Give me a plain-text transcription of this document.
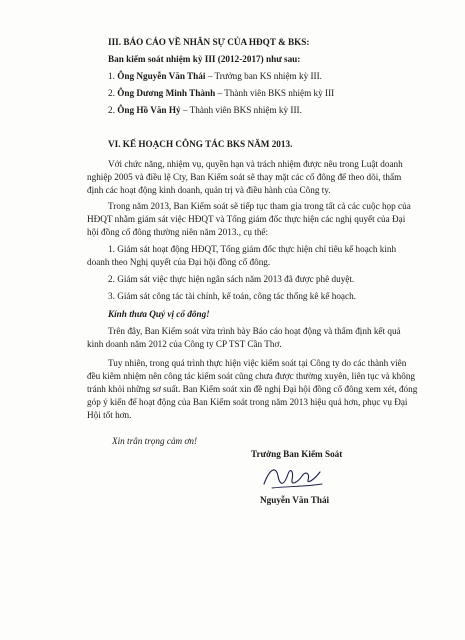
III. BÁO CÁO VỀ NHÂN SỰ CỦA HĐQT & BKS:
Ban kiểm soát nhiệm kỳ III (2012-2017) như sau:
1. Ông Nguyễn Văn Thái – Trưởng ban KS nhiệm kỳ III.
2. Ông Dương Minh Thành – Thành viên BKS nhiệm kỳ III
2. Ông Hồ Văn Hỷ – Thành viên BKS nhiệm kỳ III.
VI. KẾ HOẠCH CÔNG TÁC BKS NĂM 2013.
Với chức năng, nhiệm vụ, quyền hạn và trách nhiệm được nêu trong Luật doanh
nghiệp 2005 và điều lệ Cty, Ban Kiểm soát sẽ thay mặt các cổ đông để theo dõi, thẩm
định các hoạt động kinh doanh, quản trị và điều hành của Công ty.
Trong năm 2013, Ban Kiểm soát sẽ tiếp tục tham gia trong tất cả các cuộc họp của
HĐQT nhằm giám sát việc HĐQT và Tổng giám đốc thực hiện các nghị quyết của Đại
hội đồng cổ đông thường niên năm 2013., cụ thể:
1. Giám sát hoạt động HĐQT, Tổng giám đốc thực hiện chỉ tiêu kế hoạch kinh
doanh theo Nghị quyết của Đại hội đồng cổ đông.
2. Giám sát việc thực hiện ngân sách năm 2013 đã được phê duyệt.
3. Giám sát công tác tài chính, kế toán, công tác thống kê kế hoạch.
Kính thưa Quý vị cổ đông!
Trên đây, Ban Kiểm soát vừa trình bày Báo cáo hoạt động và thẩm định kết quả
kinh doanh năm 2012 của Công ty CP TST Cần Thơ.
Tuy nhiên, trong quá trình thực hiện việc kiểm soát tại Công ty do các thành viên
đều kiêm nhiệm nên công tác kiểm soát cũng chưa được thường xuyên, liên tục và không
tránh khỏi những sơ suất. Ban Kiểm soát xin đề nghị Đại hội đồng cổ đông xem xét, đóng
góp ý kiến để hoạt động của Ban Kiểm soát trong năm 2013 hiệu quả hơn, phục vụ Đại
Hội tốt hơn.
Xin trân trọng cảm ơn!
Trưởng Ban Kiểm Soát
Nguyễn Văn Thái
